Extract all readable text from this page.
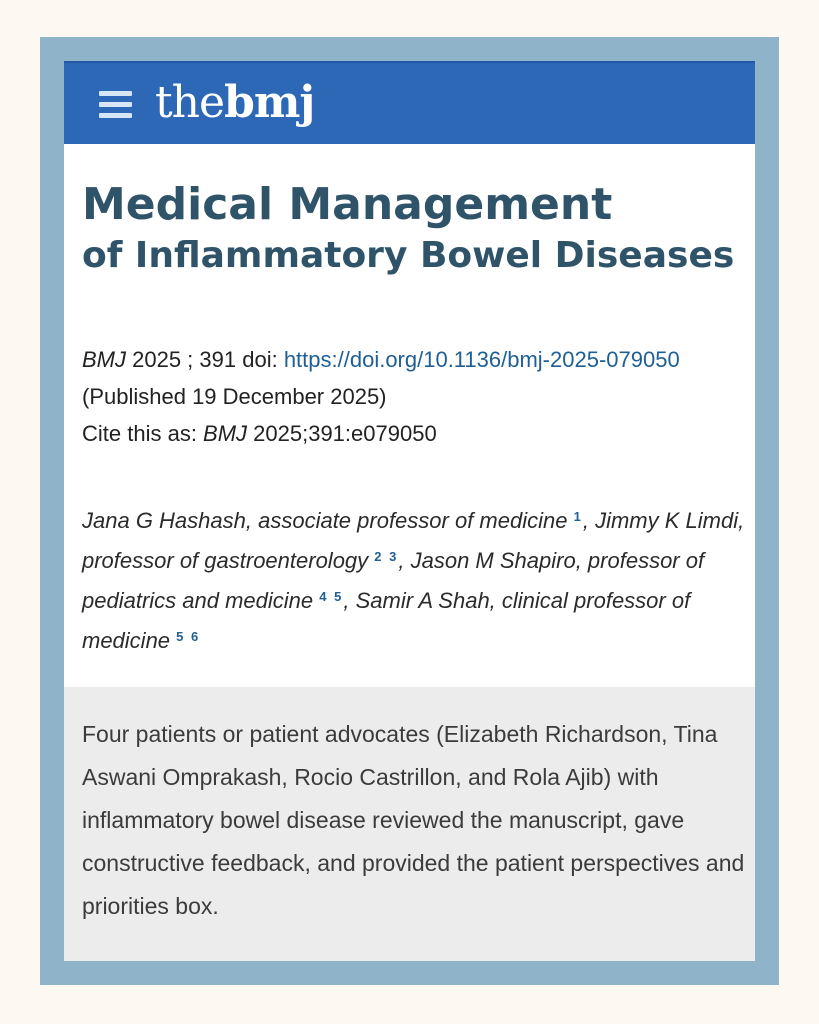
thebmj
Medical Management
of Inflammatory Bowel Diseases
BMJ 2025 ; 391 doi: https://doi.org/10.1136/bmj-2025-079050 (Published 19 December 2025)
Cite this as: BMJ 2025;391:e079050
Jana G Hashash, associate professor of medicine $^1$, Jimmy K Limdi, professor of gastroenterology $^{2 3}$, Jason M Shapiro, professor of pediatrics and medicine $^{4 5}$, Samir A Shah, clinical professor of medicine $^{5 6}$
Four patients or patient advocates (Elizabeth Richardson, Tina Aswani Omprakash, Rocio Castrillon, and Rola Ajib) with inflammatory bowel disease reviewed the manuscript, gave constructive feedback, and provided the patient perspectives and priorities box.
